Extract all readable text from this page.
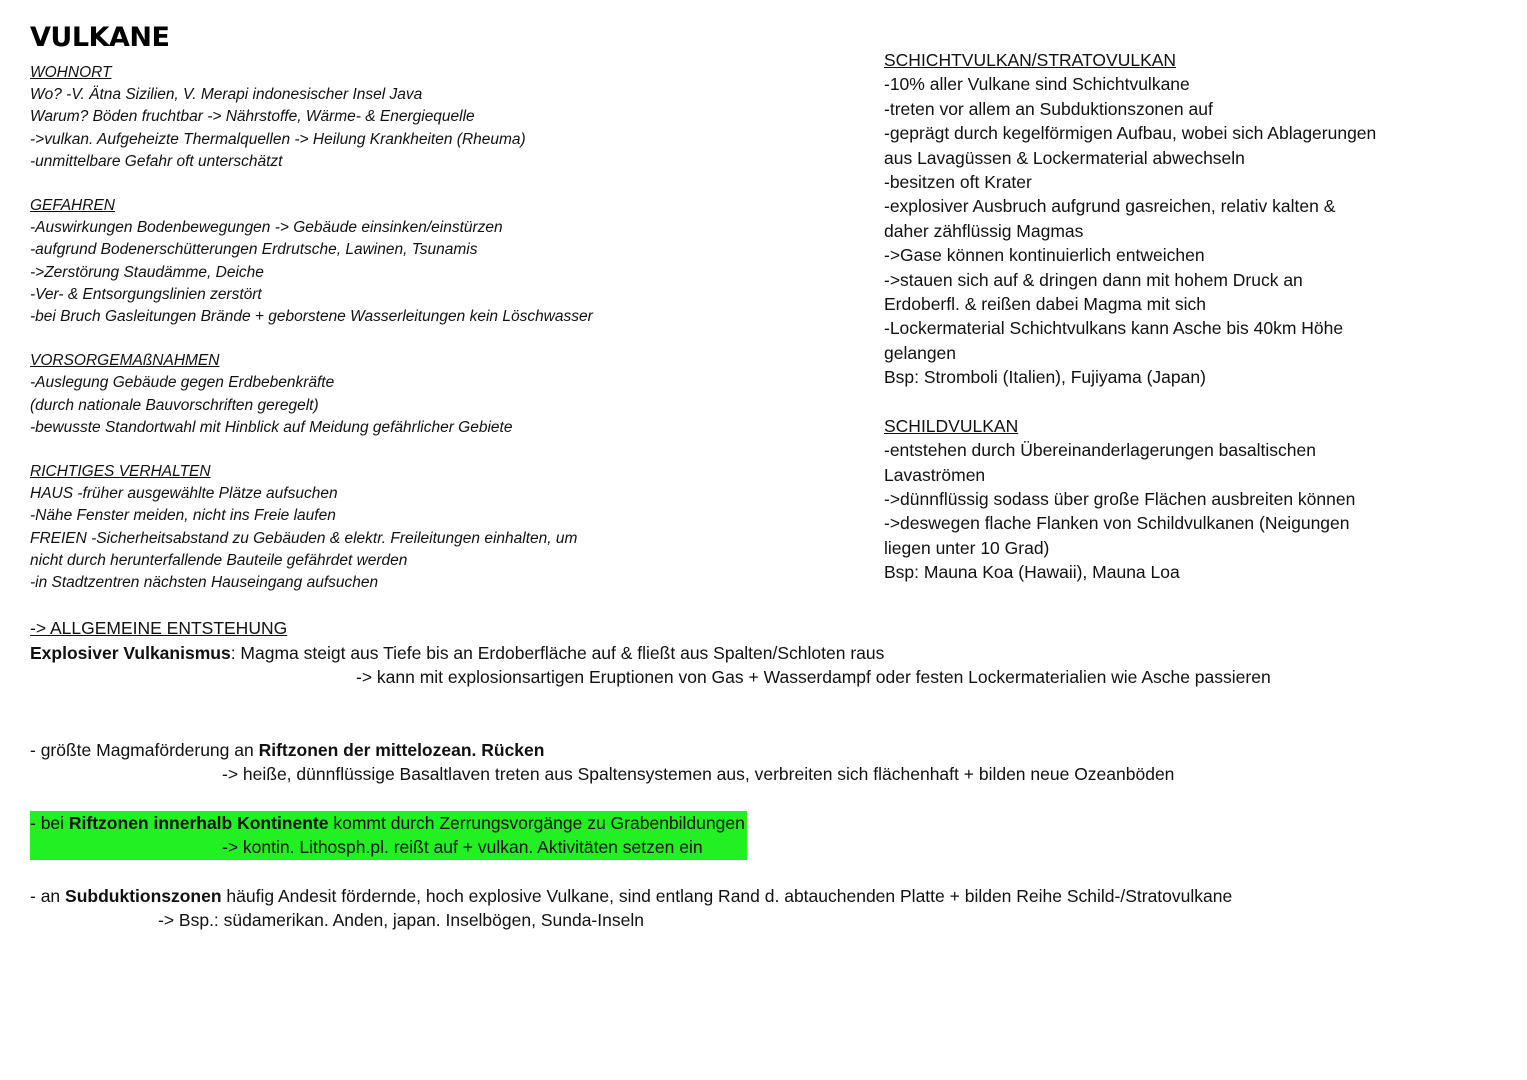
VULKANE
WOHNORT
Wo? -V. Ätna Sizilien, V. Merapi indonesischer Insel Java
Warum? Böden fruchtbar -> Nährstoffe, Wärme- & Energiequelle
->vulkan. Aufgeheizte Thermalquellen -> Heilung Krankheiten (Rheuma)
-unmittelbare Gefahr oft unterschätzt
GEFAHREN
-Auswirkungen Bodenbewegungen -> Gebäude einsinken/einstürzen
-aufgrund Bodenerschütterungen Erdrutsche, Lawinen, Tsunamis
->Zerstörung Staudämme, Deiche
-Ver- & Entsorgungslinien zerstört
-bei Bruch Gasleitungen Brände + geborstene Wasserleitungen kein Löschwasser
VORSORGEMAßNAHMEN
-Auslegung Gebäude gegen Erdbebenkräfte
(durch nationale Bauvorschriften geregelt)
-bewusste Standortwahl mit Hinblick auf Meidung gefährlicher Gebiete
RICHTIGES VERHALTEN
HAUS -früher ausgewählte Plätze aufsuchen
-Nähe Fenster meiden, nicht ins Freie laufen
FREIEN -Sicherheitsabstand zu Gebäuden & elektr. Freileitungen einhalten, um
nicht durch herunterfallende Bauteile gefährdet werden
-in Stadtzentren nächsten Hauseingang aufsuchen
SCHICHTVULKAN/STRATOVULKAN
-10% aller Vulkane sind Schichtvulkane
-treten vor allem an Subduktionszonen auf
-geprägt durch kegelförmigen Aufbau, wobei sich Ablagerungen
aus Lavagüssen & Lockermaterial abwechseln
-besitzen oft Krater
-explosiver Ausbruch aufgrund gasreichen, relativ kalten &
daher zähflüssig Magmas
->Gase können kontinuierlich entweichen
->stauen sich auf & dringen dann mit hohem Druck an
Erdoberfl. & reißen dabei Magma mit sich
-Lockermaterial Schichtvulkans kann Asche bis 40km Höhe
gelangen
Bsp: Stromboli (Italien), Fujiyama (Japan)
SCHILDVULKAN
-entstehen durch Übereinanderlagerungen basaltischen
Lavaströmen
->dünnflüssig sodass über große Flächen ausbreiten können
->deswegen flache Flanken von Schildvulkanen (Neigungen
liegen unter 10 Grad)
Bsp: Mauna Koa (Hawaii), Mauna Loa
-> ALLGEMEINE ENTSTEHUNG
Explosiver Vulkanismus: Magma steigt aus Tiefe bis an Erdoberfläche auf & fließt aus Spalten/Schloten raus
-> kann mit explosionsartigen Eruptionen von Gas + Wasserdampf oder festen Lockermaterialien wie Asche passieren
- größte Magmaförderung an Riftzonen der mittelozean. Rücken
-> heiße, dünnflüssige Basaltlaven treten aus Spaltensystemen aus, verbreiten sich flächenhaft + bilden neue Ozeanböden
- bei Riftzonen innerhalb Kontinente kommt durch Zerrungsvorgänge zu Grabenbildungen
-> kontin. Lithosph.pl. reißt auf + vulkan. Aktivitäten setzen ein
- an Subduktionszonen häufig Andesit fördernde, hoch explosive Vulkane, sind entlang Rand d. abtauchenden Platte + bilden Reihe Schild-/Stratovulkane
-> Bsp.: südamerikan. Anden, japan. Inselbögen, Sunda-Inseln
